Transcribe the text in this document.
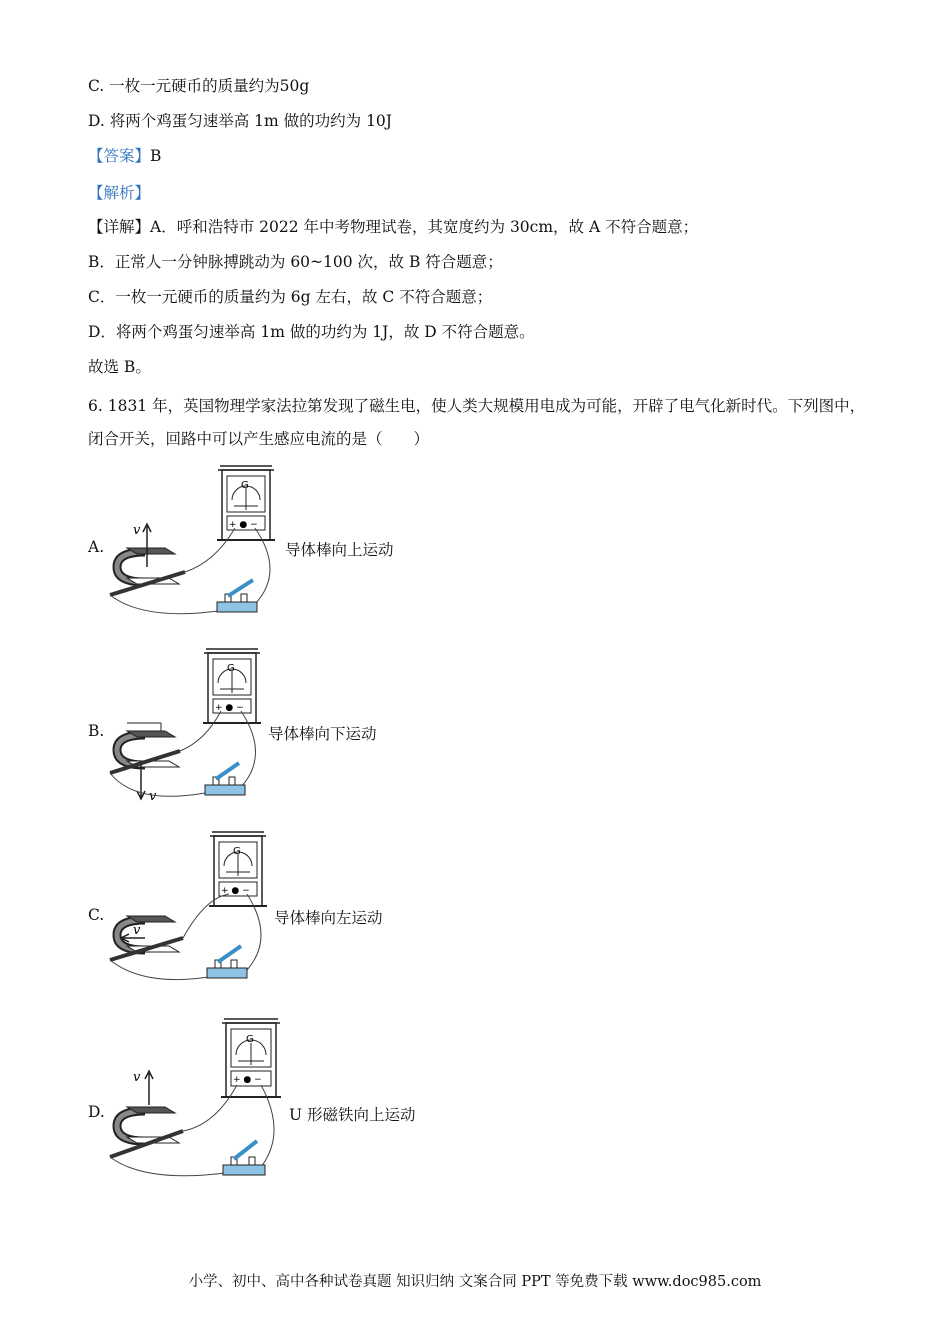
C. 一枚一元硬币的质量约为50g
D. 将两个鸡蛋匀速举高 1m 做的功约为 10J
【答案】B
【解析】
【详解】A．呼和浩特市 2022 年中考物理试卷，其宽度约为 30cm，故 A 不符合题意；
B．正常人一分钟脉搏跳动为 60~100 次，故 B 符合题意；
C．一枚一元硬币的质量约为 6g 左右，故 C 不符合题意；
D．将两个鸡蛋匀速举高 1m 做的功约为 1J，故 D 不符合题意。
故选 B。
6. 1831 年，英国物理学家法拉第发现了磁生电，使人类大规模用电成为可能，开辟了电气化新时代。下列图中，闭合开关，回路中可以产生感应电流的是（　　）
A.
G
+ ● −
v
导体棒向上运动
B.
G
+ ● −
v
导体棒向下运动
C.
G
+ ● −
v
导体棒向左运动
D.
G
+ ● −
v
U 形磁铁向上运动
小学、初中、高中各种试卷真题 知识归纳 文案合同 PPT 等免费下载 www.doc985.com
